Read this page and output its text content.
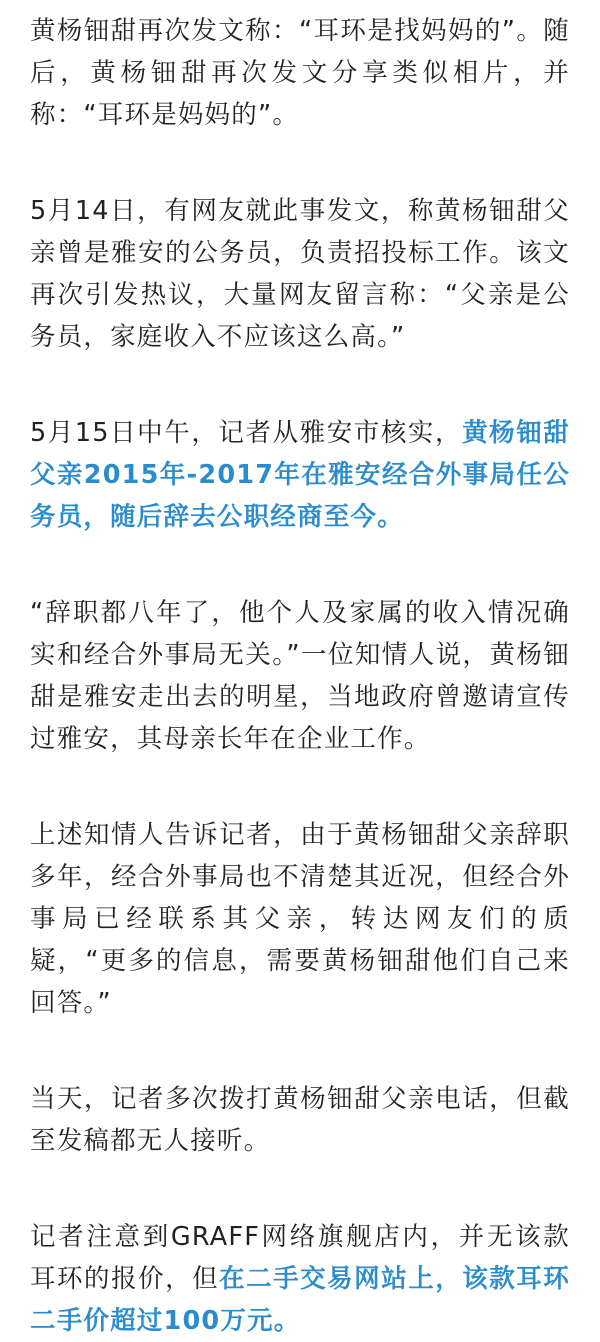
黄杨钿甜再次发文称：“耳环是找妈妈的”。随后，黄杨钿甜再次发文分享类似相片，并称：“耳环是妈妈的”。

5月14日，有网友就此事发文，称黄杨钿甜父亲曾是雅安的公务员，负责招投标工作。该文再次引发热议，大量网友留言称：“父亲是公务员，家庭收入不应该这么高。”

5月15日中午，记者从雅安市核实，黄杨钿甜父亲2015年-2017年在雅安经合外事局任公务员，随后辞去公职经商至今。

“辞职都八年了，他个人及家属的收入情况确实和经合外事局无关。”一位知情人说，黄杨钿甜是雅安走出去的明星，当地政府曾邀请宣传过雅安，其母亲长年在企业工作。

上述知情人告诉记者，由于黄杨钿甜父亲辞职多年，经合外事局也不清楚其近况，但经合外事局已经联系其父亲，转达网友们的质疑，“更多的信息，需要黄杨钿甜他们自己来回答。”

当天，记者多次拨打黄杨钿甜父亲电话，但截至发稿都无人接听。

记者注意到GRAFF网络旗舰店内，并无该款耳环的报价，但在二手交易网站上，该款耳环二手价超过100万元。
